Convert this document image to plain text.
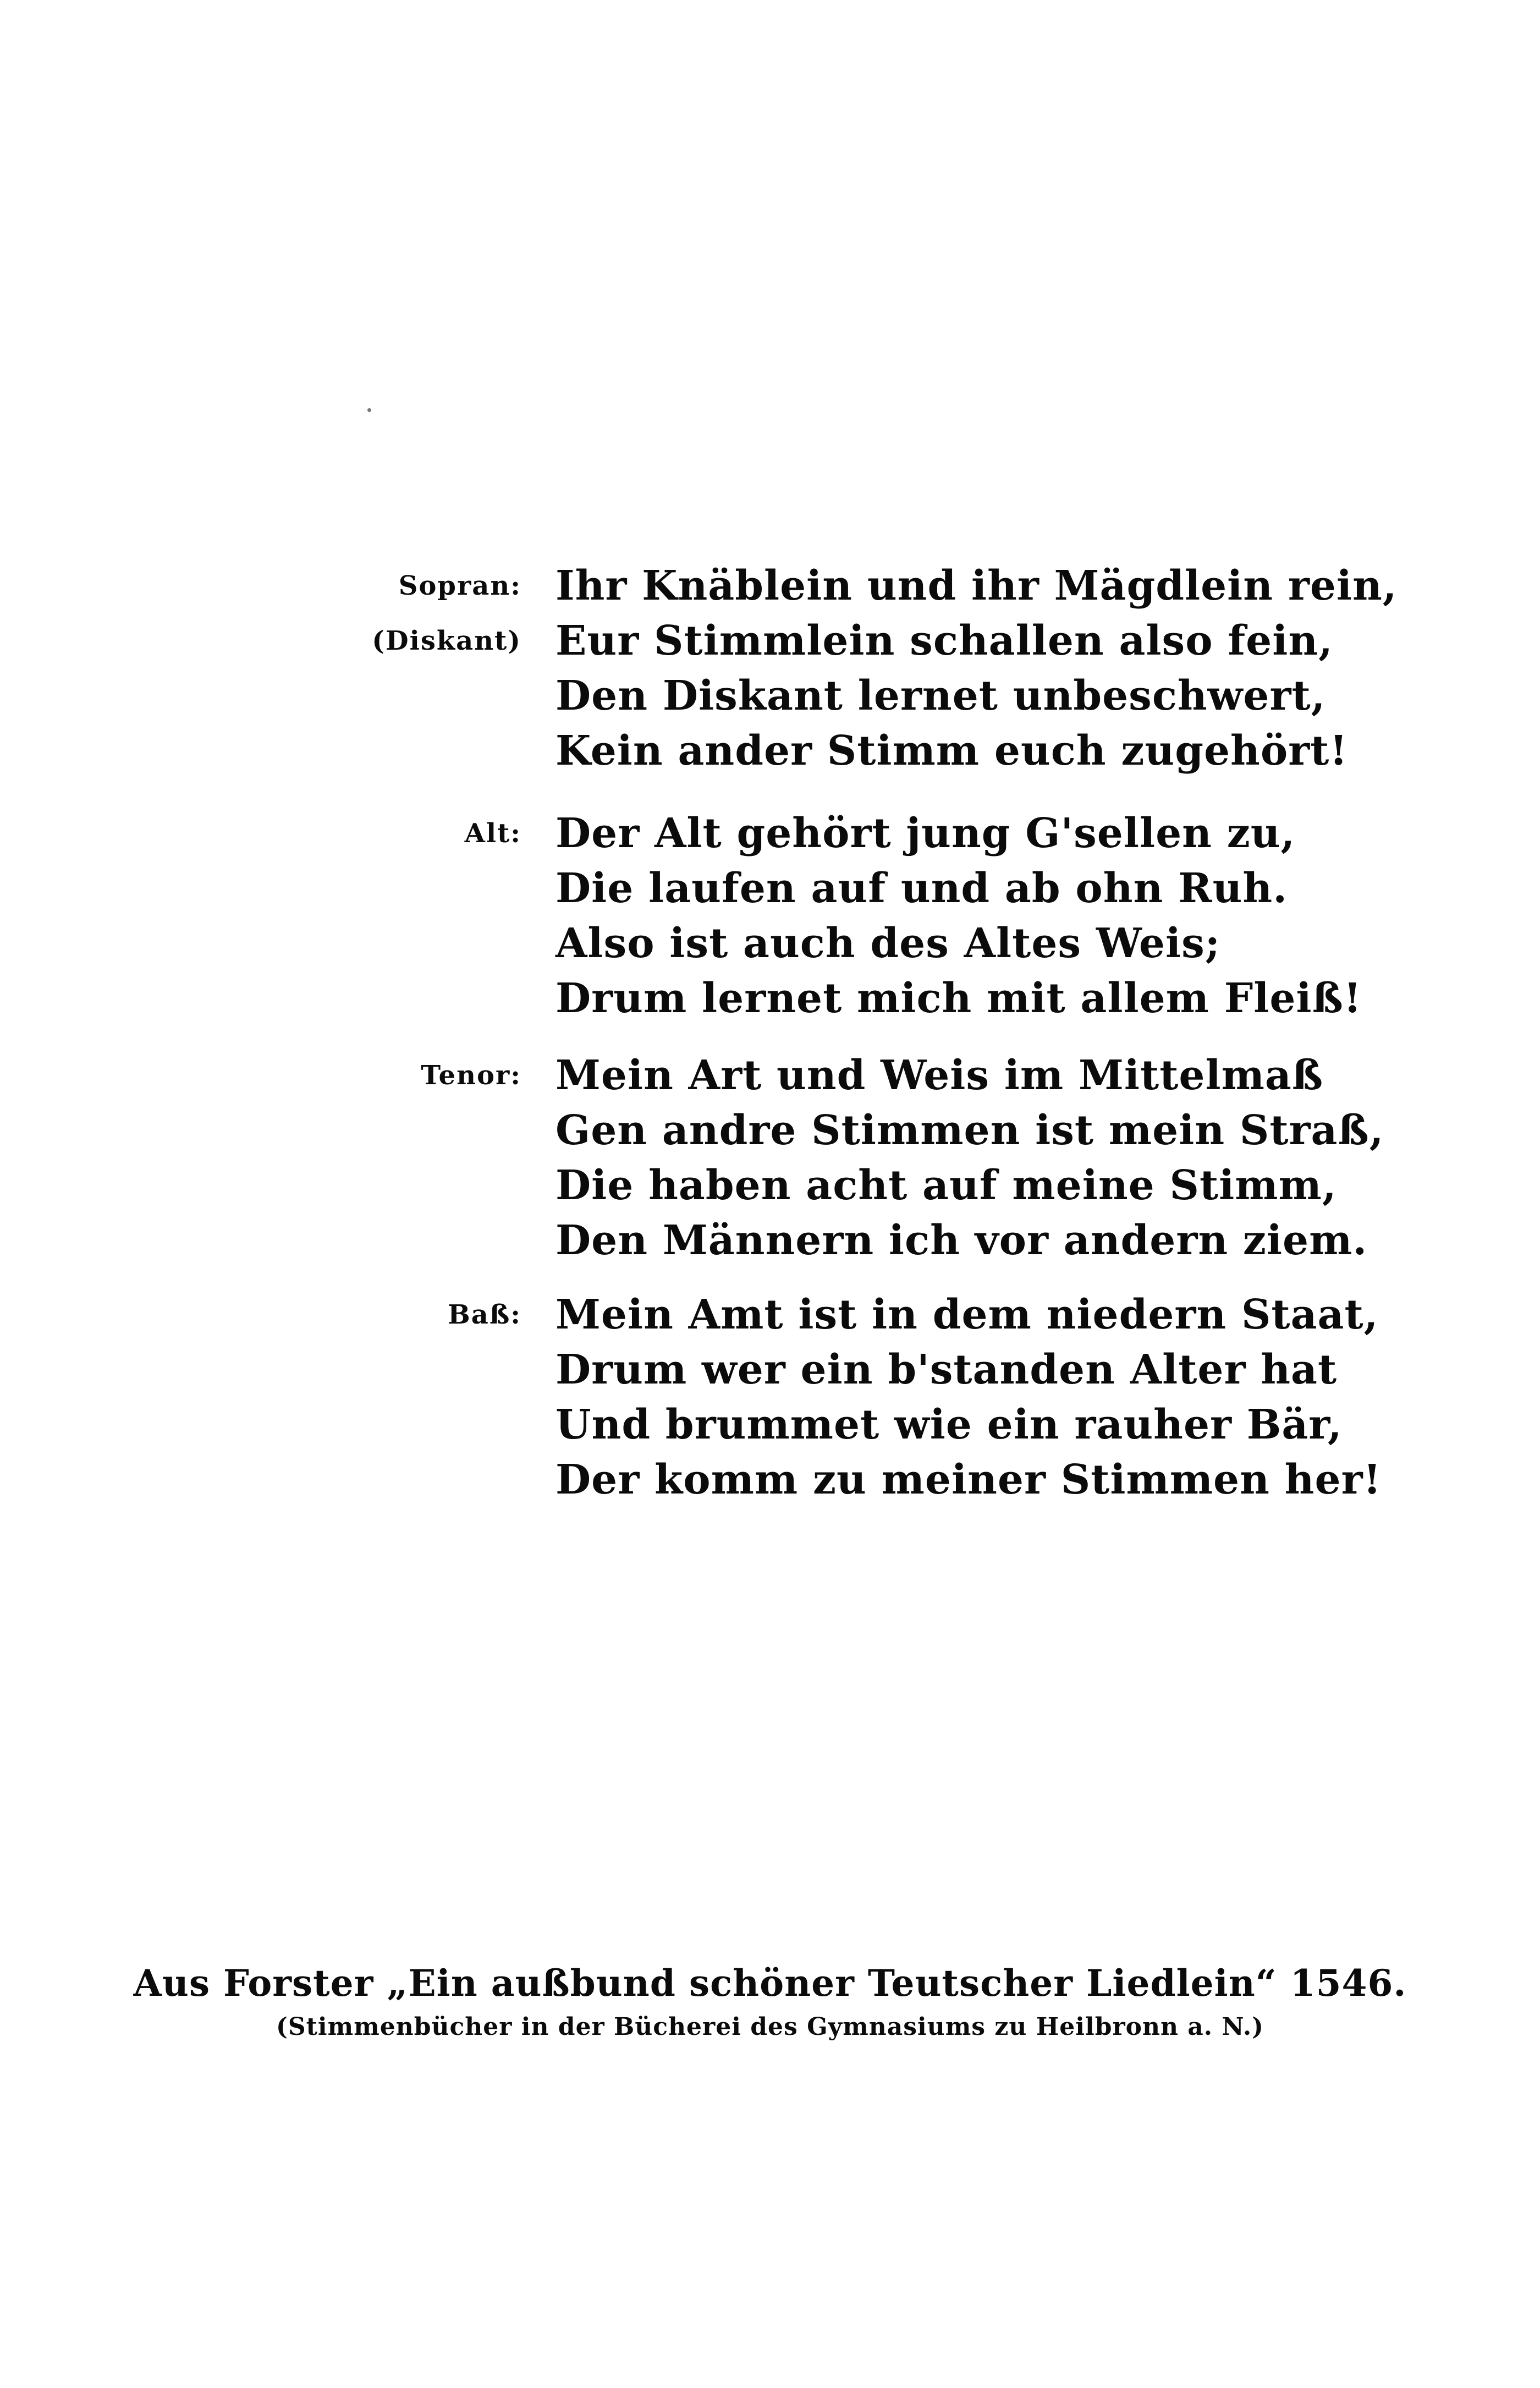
Sopran:
(Diskant)
Ihr Knäblein und ihr Mägdlein rein,
Eur Stimmlein schallen also fein,
Den Diskant lernet unbeschwert,
Kein ander Stimm euch zugehört!
Alt: Der Alt gehört jung G'sellen zu,
Die laufen auf und ab ohn Ruh.
Also ist auch des Altes Weis;
Drum lernet mich mit allem Fleiß!
Tenor: Mein Art und Weis im Mittelmaß
Gen andre Stimmen ist mein Straß,
Die haben acht auf meine Stimm,
Den Männern ich vor andern ziem.
Baß: Mein Amt ist in dem niedern Staat,
Drum wer ein b'standen Alter hat
Und brummet wie ein rauher Bär,
Der komm zu meiner Stimmen her!
Aus Forster „Ein außbund schöner Teutscher Liedlein“ 1546.
(Stimmenbücher in der Bücherei des Gymnasiums zu Heilbronn a. N.)
